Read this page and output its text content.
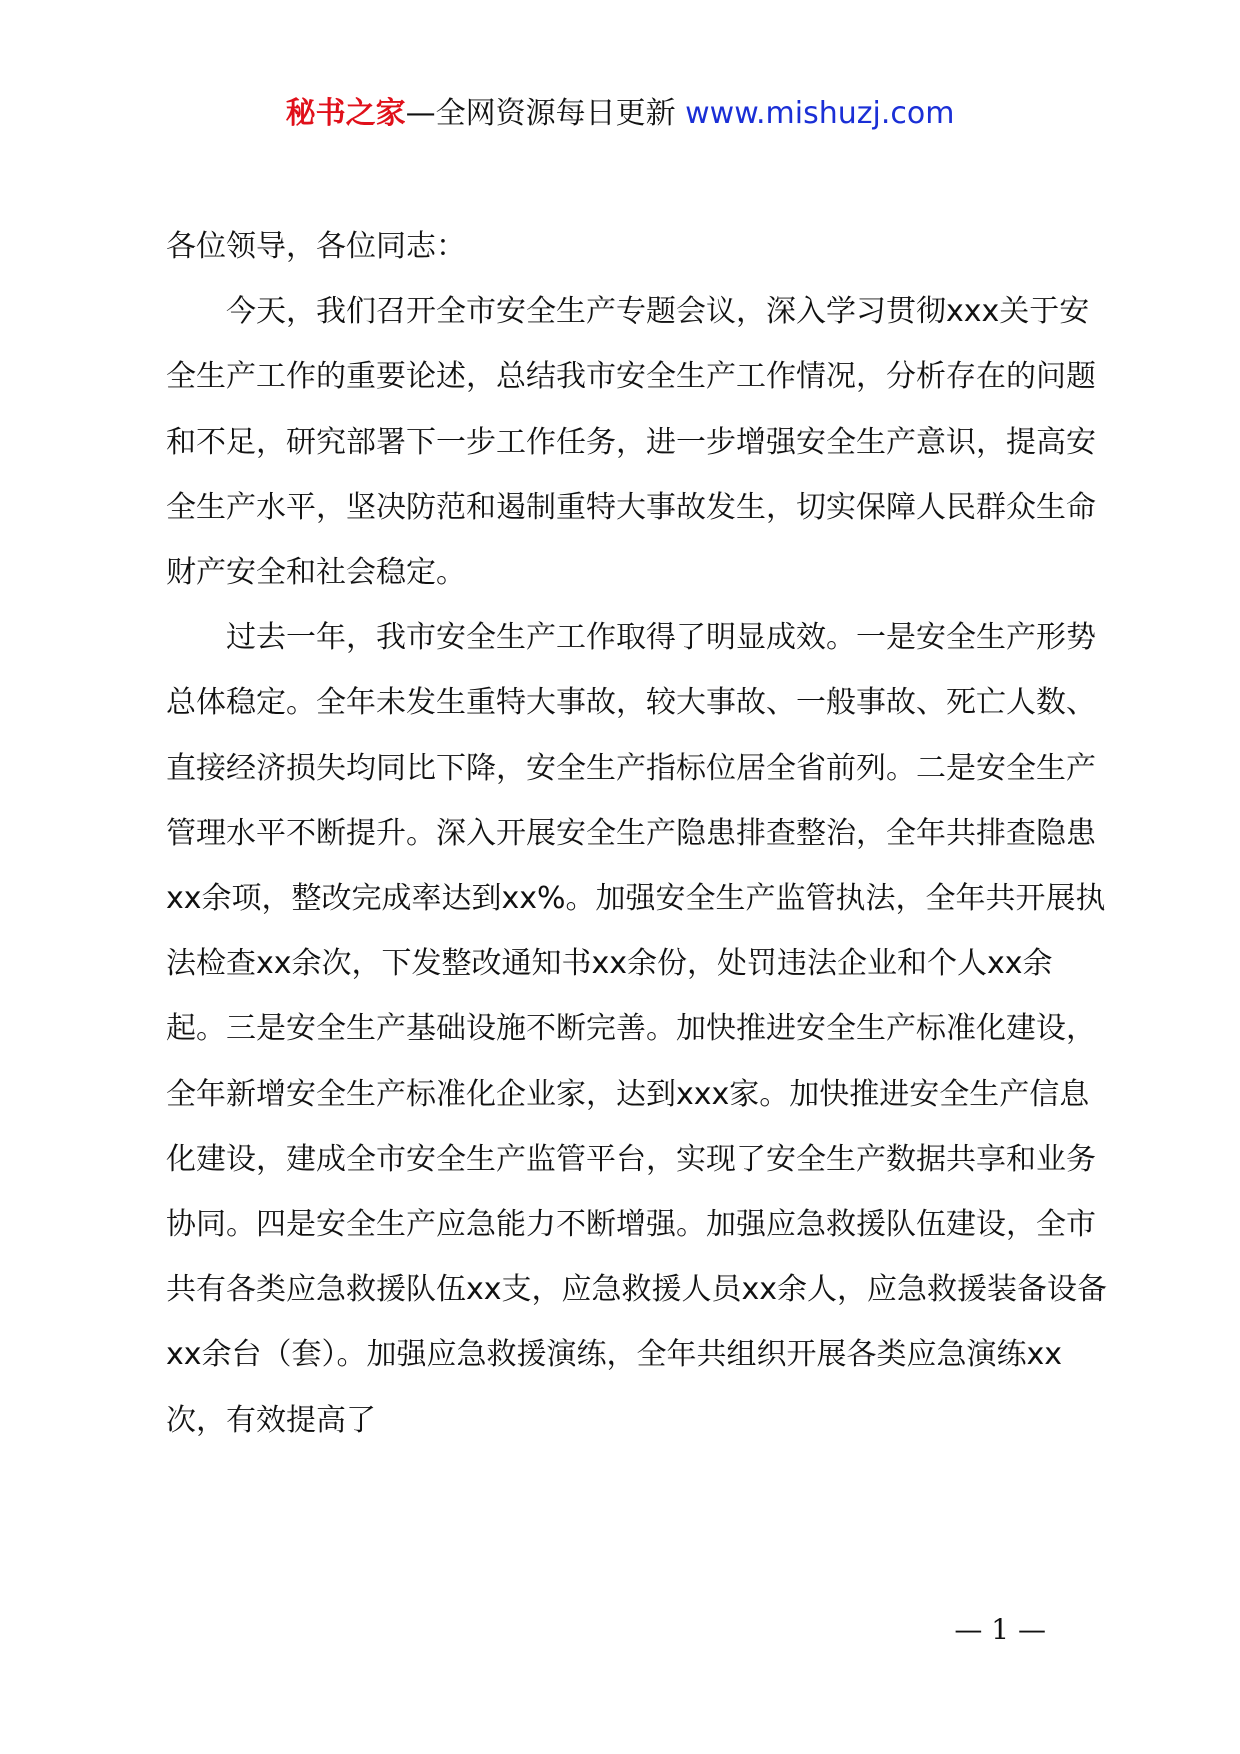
秘书之家—全网资源每日更新 www.mishuzj.com

各位领导，各位同志：

今天，我们召开全市安全生产专题会议，深入学习贯彻xxx关于安全生产工作的重要论述，总结我市安全生产工作情况，分析存在的问题和不足，研究部署下一步工作任务，进一步增强安全生产意识，提高安全生产水平，坚决防范和遏制重特大事故发生，切实保障人民群众生命财产安全和社会稳定。

过去一年，我市安全生产工作取得了明显成效。一是安全生产形势总体稳定。全年未发生重特大事故，较大事故、一般事故、死亡人数、直接经济损失均同比下降，安全生产指标位居全省前列。二是安全生产管理水平不断提升。深入开展安全生产隐患排查整治，全年共排查隐患xx余项，整改完成率达到xx%。加强安全生产监管执法，全年共开展执法检查xx余次，下发整改通知书xx余份，处罚违法企业和个人xx余起。三是安全生产基础设施不断完善。加快推进安全生产标准化建设，全年新增安全生产标准化企业家，达到xxx家。加快推进安全生产信息化建设，建成全市安全生产监管平台，实现了安全生产数据共享和业务协同。四是安全生产应急能力不断增强。加强应急救援队伍建设，全市共有各类应急救援队伍xx支，应急救援人员xx余人，应急救援装备设备xx余台（套）。加强应急救援演练，全年共组织开展各类应急演练xx次，有效提高了

— 1 —
